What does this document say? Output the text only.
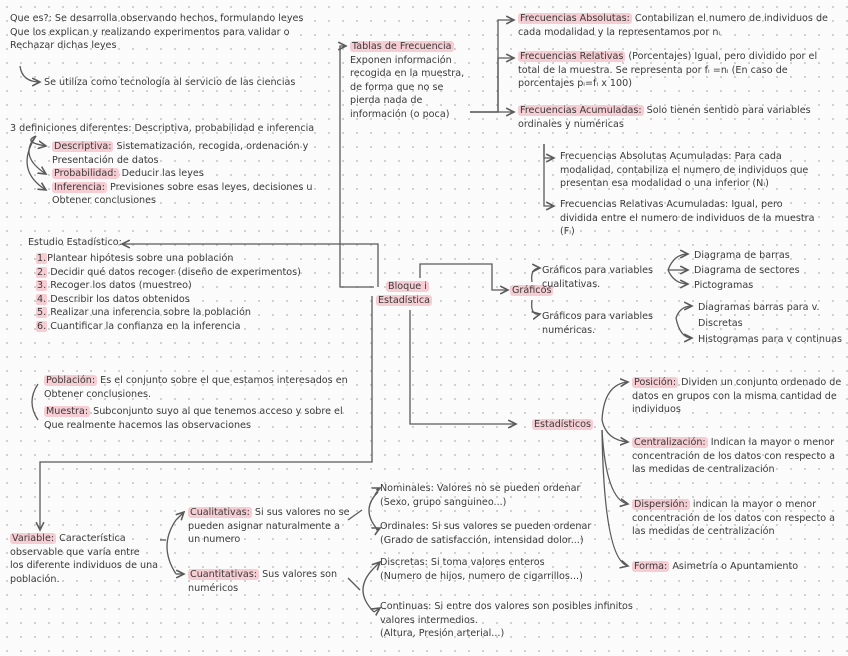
Que es?: Se desarrolla observando hechos, formulando leyes
Que los explican y realizando experimentos para validar o
Rechazar dichas leyes
Se utiliza como tecnología al servicio de las ciencias
3 definiciones diferentes: Descriptiva, probabilidad e inferencia
Descriptiva: Sistematización, recogida, ordenación y
Presentación de datos
Probabilidad: Deducir las leyes
Inferencia: Previsiones sobre esas leyes, decisiones u
Obtener conclusiones
Estudio Estadístico:
1.Plantear hipótesis sobre una población
2. Decidir qué datos recoger (diseño de experimentos)
3. Recoger los datos (muestreo)
4. Describir los datos obtenidos
5. Realizar una inferencia sobre la población
6. Cuantificar la confianza en la inferencia
Población: Es el conjunto sobre el que estamos interesados en
Obtener conclusiones.
Muestra: Subconjunto suyo al que tenemos acceso y sobre el
Que realmente hacemos las observaciones
Variable: Característica
observable que varía entre
los diferente individuos de una
población.
Cualitativas: Si sus valores no se
pueden asignar naturalmente a
un numero
Cuantitativas: Sus valores son
numéricos
Nominales: Valores no se pueden ordenar
(Sexo, grupo sanguineo...)
Ordinales: Si sus valores se pueden ordenar
(Grado de satisfacción, intensidad dolor...)
Discretas: Si toma valores enteros
(Numero de hijos, numero de cigarrillos...)
Continuas: Si entre dos valores son posibles infinitos
valores intermedios.
(Altura, Presión arterial...)
Bloque i
Estadística
Tablas de Frecuencia
Exponen información
recogida en la muestra,
de forma que no se
pierda nada de
información (o poca)
Frecuencias Absolutas: Contabilizan el numero de individuos de
cada modalidad y la representamos por nᵢ
Frecuencias Relativas (Porcentajes) Igual, pero dividido por el
total de la muestra. Se representa por fᵢ =nᵢ (En caso de
porcentajes pᵢ=fᵢ x 100)
Frecuencias Acumuladas: Solo tienen sentido para variables
ordinales y numéricas
Frecuencias Absolutas Acumuladas: Para cada
modalidad, contabiliza el numero de individuos que
presentan esa modalidad o una inferior (Nᵢ)
Frecuencias Relativas Acumuladas: Igual, pero
dividida entre el numero de individuos de la muestra
(Fᵢ)
Gráficos
Gráficos para variables
cualitativas.
Gráficos para variables
numéricas.
Diagrama de barras
Diagrama de sectores
Pictogramas
Diagramas barras para v.
Discretas
Histogramas para v continuas
Estadísticos
Posición: Dividen un conjunto ordenado de
datos en grupos con la misma cantidad de
individuos
Centralización: Indican la mayor o menor
concentración de los datos con respecto a
las medidas de centralización
Dispersión: indican la mayor o menor
concentración de los datos con respecto a
las medidas de centralización
Forma: Asimetría o Apuntamiento
